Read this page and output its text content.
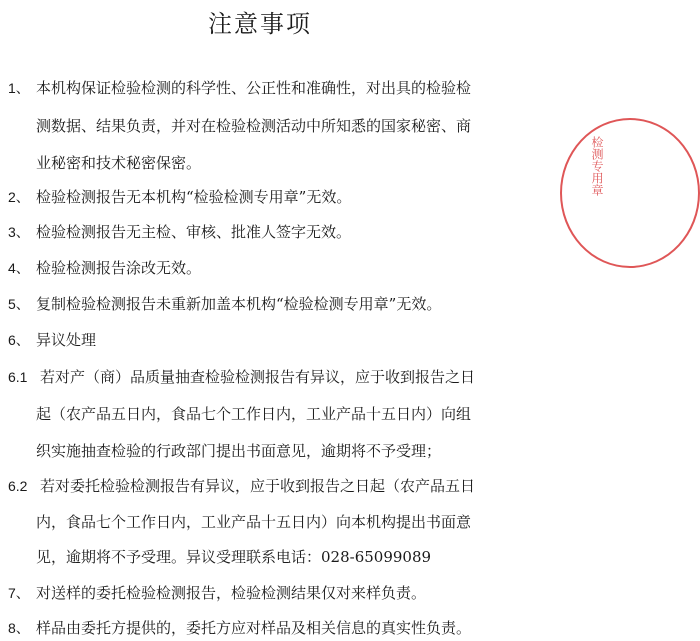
注意事项
1、 本机构保证检验检测的科学性、公正性和准确性，对出具的检验检
测数据、结果负责，并对在检验检测活动中所知悉的国家秘密、商
业秘密和技术秘密保密。
2、 检验检测报告无本机构“检验检测专用章”无效。
3、 检验检测报告无主检、审核、批准人签字无效。
4、 检验检测报告涂改无效。
5、 复制检验检测报告未重新加盖本机构“检验检测专用章”无效。
6、 异议处理
6.1 若对产（商）品质量抽查检验检测报告有异议，应于收到报告之日
起（农产品五日内，食品七个工作日内，工业产品十五日内）向组
织实施抽查检验的行政部门提出书面意见，逾期将不予受理；
6.2 若对委托检验检测报告有异议，应于收到报告之日起（农产品五日
内，食品七个工作日内，工业产品十五日内）向本机构提出书面意
见，逾期将不予受理。异议受理联系电话：028-65099089
7、 对送样的委托检验检测报告，检验检测结果仅对来样负责。
8、 样品由委托方提供的，委托方应对样品及相关信息的真实性负责。
检测专用章
